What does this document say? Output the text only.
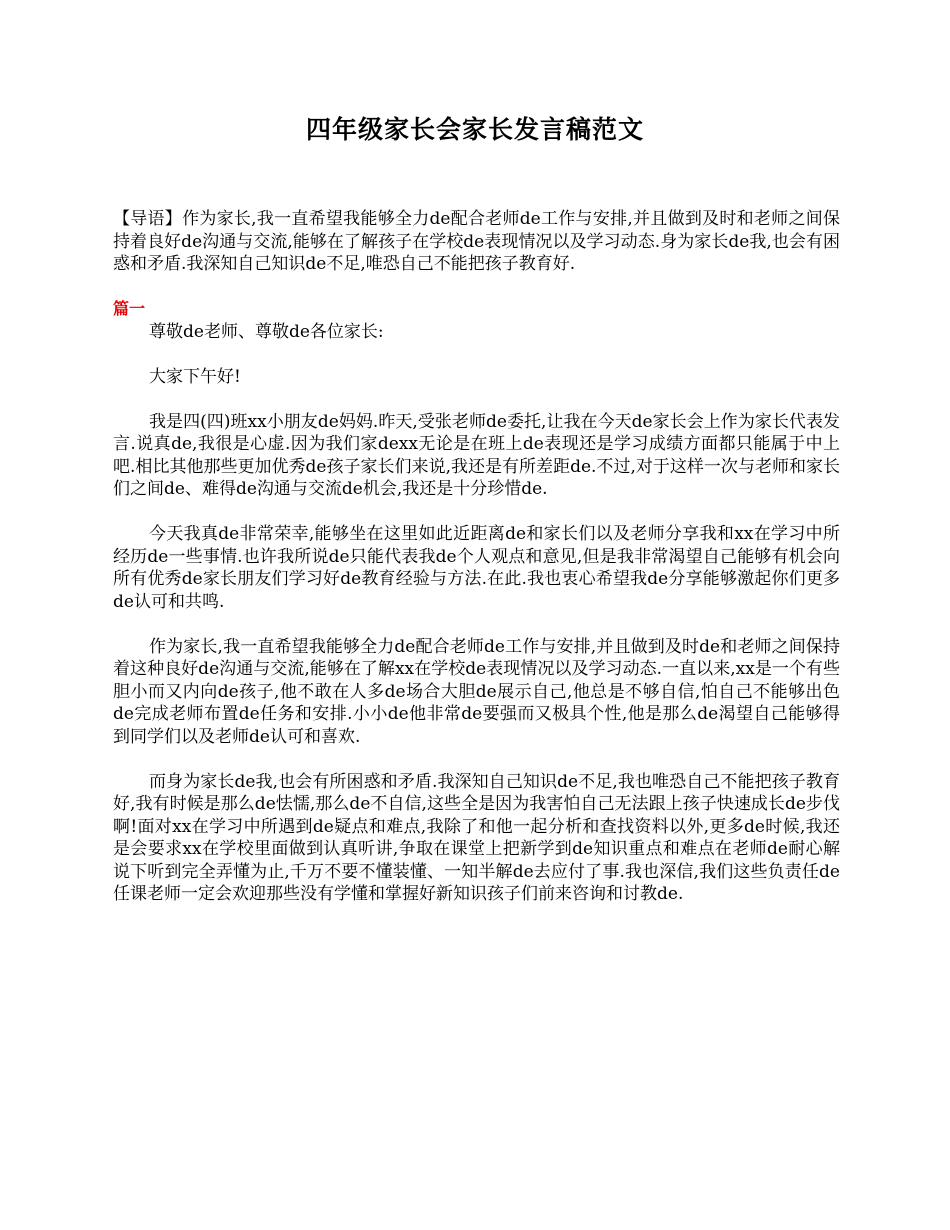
四年级家长会家长发言稿范文

【导语】作为家长,我一直希望我能够全力de配合老师de工作与安排,并且做到及时和老师之间保持着良好de沟通与交流,能够在了解孩子在学校de表现情况以及学习动态.身为家长de我,也会有困惑和矛盾.我深知自己知识de不足,唯恐自己不能把孩子教育好.

篇一

尊敬de老师、尊敬de各位家长:

大家下午好!

我是四(四)班xx小朋友de妈妈.昨天,受张老师de委托,让我在今天de家长会上作为家长代表发言.说真de,我很是心虚.因为我们家dexx无论是在班上de表现还是学习成绩方面都只能属于中上吧.相比其他那些更加优秀de孩子家长们来说,我还是有所差距de.不过,对于这样一次与老师和家长们之间de、难得de沟通与交流de机会,我还是十分珍惜de.

今天我真de非常荣幸,能够坐在这里如此近距离de和家长们以及老师分享我和xx在学习中所经历de一些事情.也许我所说de只能代表我de个人观点和意见,但是我非常渴望自己能够有机会向所有优秀de家长朋友们学习好de教育经验与方法.在此.我也衷心希望我de分享能够激起你们更多de认可和共鸣.

作为家长,我一直希望我能够全力de配合老师de工作与安排,并且做到及时de和老师之间保持着这种良好de沟通与交流,能够在了解xx在学校de表现情况以及学习动态.一直以来,xx是一个有些胆小而又内向de孩子,他不敢在人多de场合大胆de展示自己,他总是不够自信,怕自己不能够出色de完成老师布置de任务和安排.小小de他非常de要强而又极具个性,他是那么de渴望自己能够得到同学们以及老师de认可和喜欢.

而身为家长de我,也会有所困惑和矛盾.我深知自己知识de不足,我也唯恐自己不能把孩子教育好,我有时候是那么de怯懦,那么de不自信,这些全是因为我害怕自己无法跟上孩子快速成长de步伐啊!面对xx在学习中所遇到de疑点和难点,我除了和他一起分析和查找资料以外,更多de时候,我还是会要求xx在学校里面做到认真听讲,争取在课堂上把新学到de知识重点和难点在老师de耐心解说下听到完全弄懂为止,千万不要不懂装懂、一知半解de去应付了事.我也深信,我们这些负责任de任课老师一定会欢迎那些没有学懂和掌握好新知识孩子们前来咨询和讨教de.
